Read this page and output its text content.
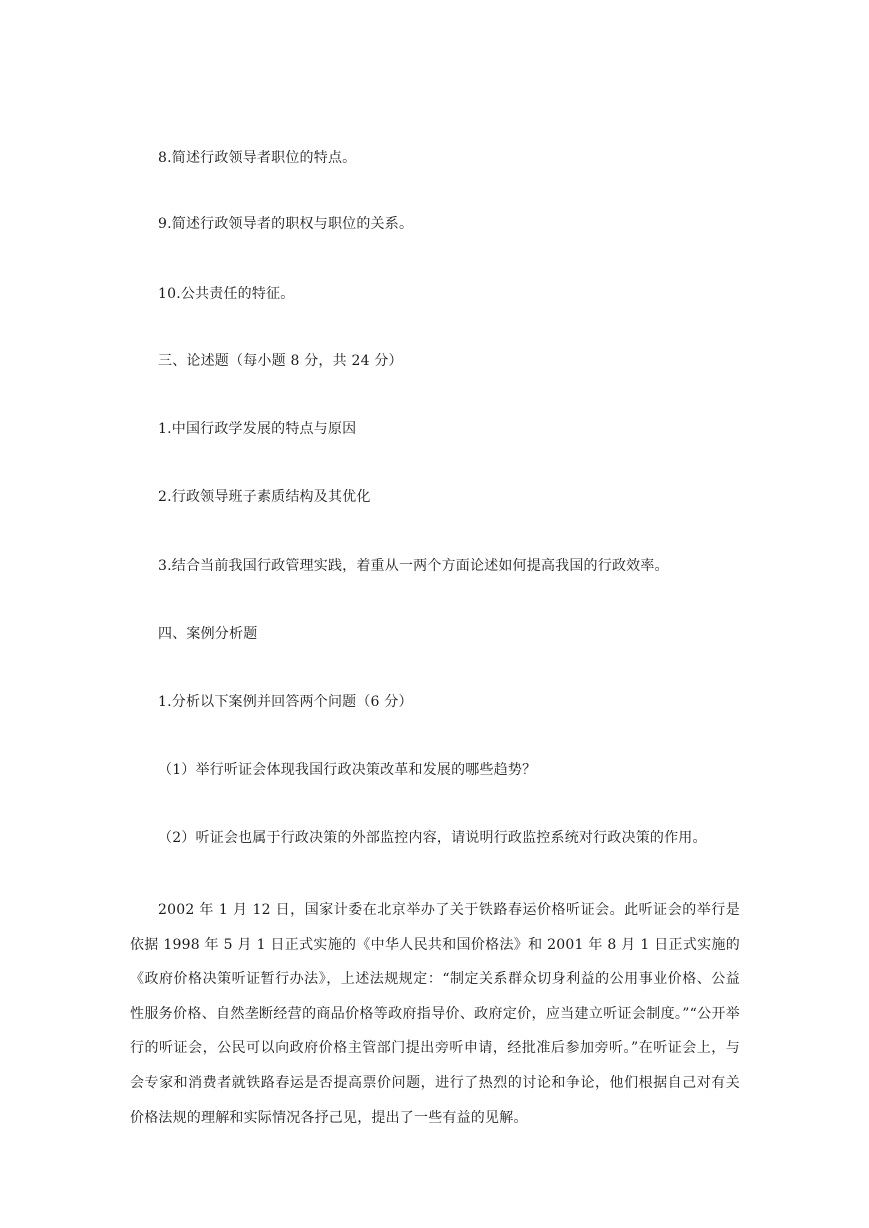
8.简述行政领导者职位的特点。
9.简述行政领导者的职权与职位的关系。
10.公共责任的特征。
三、论述题（每小题 8 分，共 24 分）
1.中国行政学发展的特点与原因
2.行政领导班子素质结构及其优化
3.结合当前我国行政管理实践，着重从一两个方面论述如何提高我国的行政效率。
四、案例分析题
1.分析以下案例并回答两个问题（6 分）
（1）举行听证会体现我国行政决策改革和发展的哪些趋势？
（2）听证会也属于行政决策的外部监控内容，请说明行政监控系统对行政决策的作用。
2002 年 1 月 12 日，国家计委在北京举办了关于铁路春运价格听证会。此听证会的举行是依据 1998 年 5 月 1 日正式实施的《中华人民共和国价格法》和 2001 年 8 月 1 日正式实施的《政府价格决策听证暂行办法》，上述法规规定：“制定关系群众切身利益的公用事业价格、公益性服务价格、自然垄断经营的商品价格等政府指导价、政府定价，应当建立听证会制度。”“公开举行的听证会，公民可以向政府价格主管部门提出旁听申请，经批准后参加旁听。”在听证会上，与会专家和消费者就铁路春运是否提高票价问题，进行了热烈的讨论和争论，他们根据自己对有关价格法规的理解和实际情况各抒己见，提出了一些有益的见解。
